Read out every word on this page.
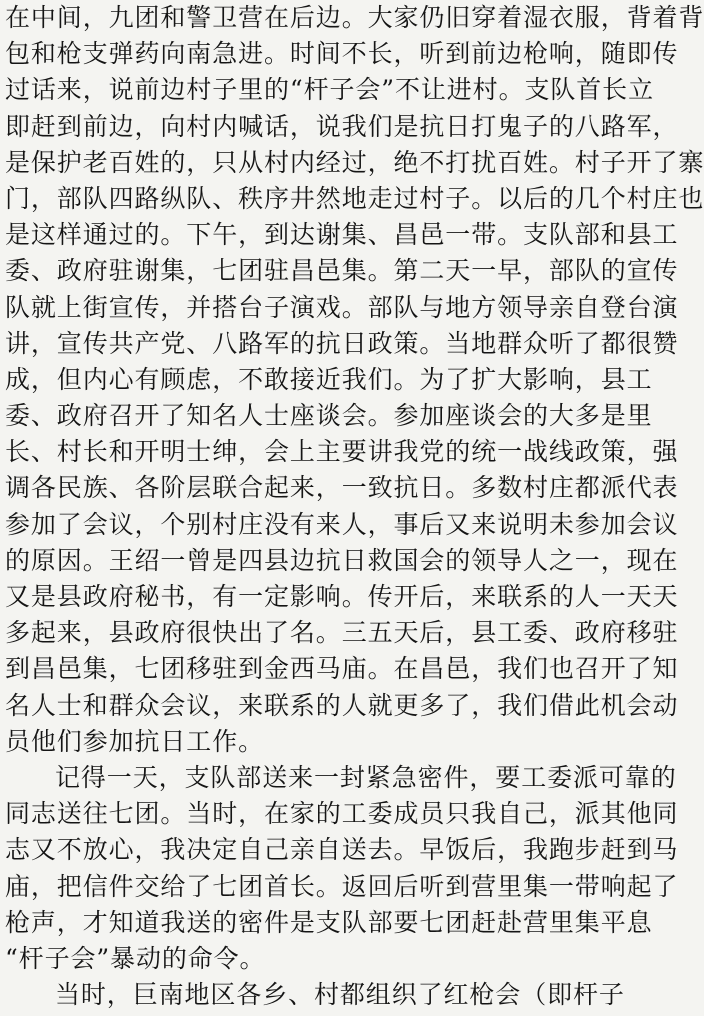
在中间，九团和警卫营在后边。大家仍旧穿着湿衣服，背着背
包和枪支弹药向南急进。时间不长，听到前边枪响，随即传
过话来，说前边村子里的“杆子会”不让进村。支队首长立
即赶到前边，向村内喊话，说我们是抗日打鬼子的八路军，
是保护老百姓的，只从村内经过，绝不打扰百姓。村子开了寨
门，部队四路纵队、秩序井然地走过村子。以后的几个村庄也
是这样通过的。下午，到达谢集、昌邑一带。支队部和县工
委、政府驻谢集，七团驻昌邑集。第二天一早，部队的宣传
队就上街宣传，并搭台子演戏。部队与地方领导亲自登台演
讲，宣传共产党、八路军的抗日政策。当地群众听了都很赞
成，但内心有顾虑，不敢接近我们。为了扩大影响，县工
委、政府召开了知名人士座谈会。参加座谈会的大多是里
长、村长和开明士绅，会上主要讲我党的统一战线政策，强
调各民族、各阶层联合起来，一致抗日。多数村庄都派代表
参加了会议，个别村庄没有来人，事后又来说明未参加会议
的原因。王绍一曾是四县边抗日救国会的领导人之一，现在
又是县政府秘书，有一定影响。传开后，来联系的人一天天
多起来，县政府很快出了名。三五天后，县工委、政府移驻
到昌邑集，七团移驻到金西马庙。在昌邑，我们也召开了知
名人士和群众会议，来联系的人就更多了，我们借此机会动
员他们参加抗日工作。
记得一天，支队部送来一封紧急密件，要工委派可靠的
同志送往七团。当时，在家的工委成员只我自己，派其他同
志又不放心，我决定自己亲自送去。早饭后，我跑步赶到马
庙，把信件交给了七团首长。返回后听到营里集一带响起了
枪声，才知道我送的密件是支队部要七团赶赴营里集平息
“杆子会”暴动的命令。
当时，巨南地区各乡、村都组织了红枪会（即杆子
